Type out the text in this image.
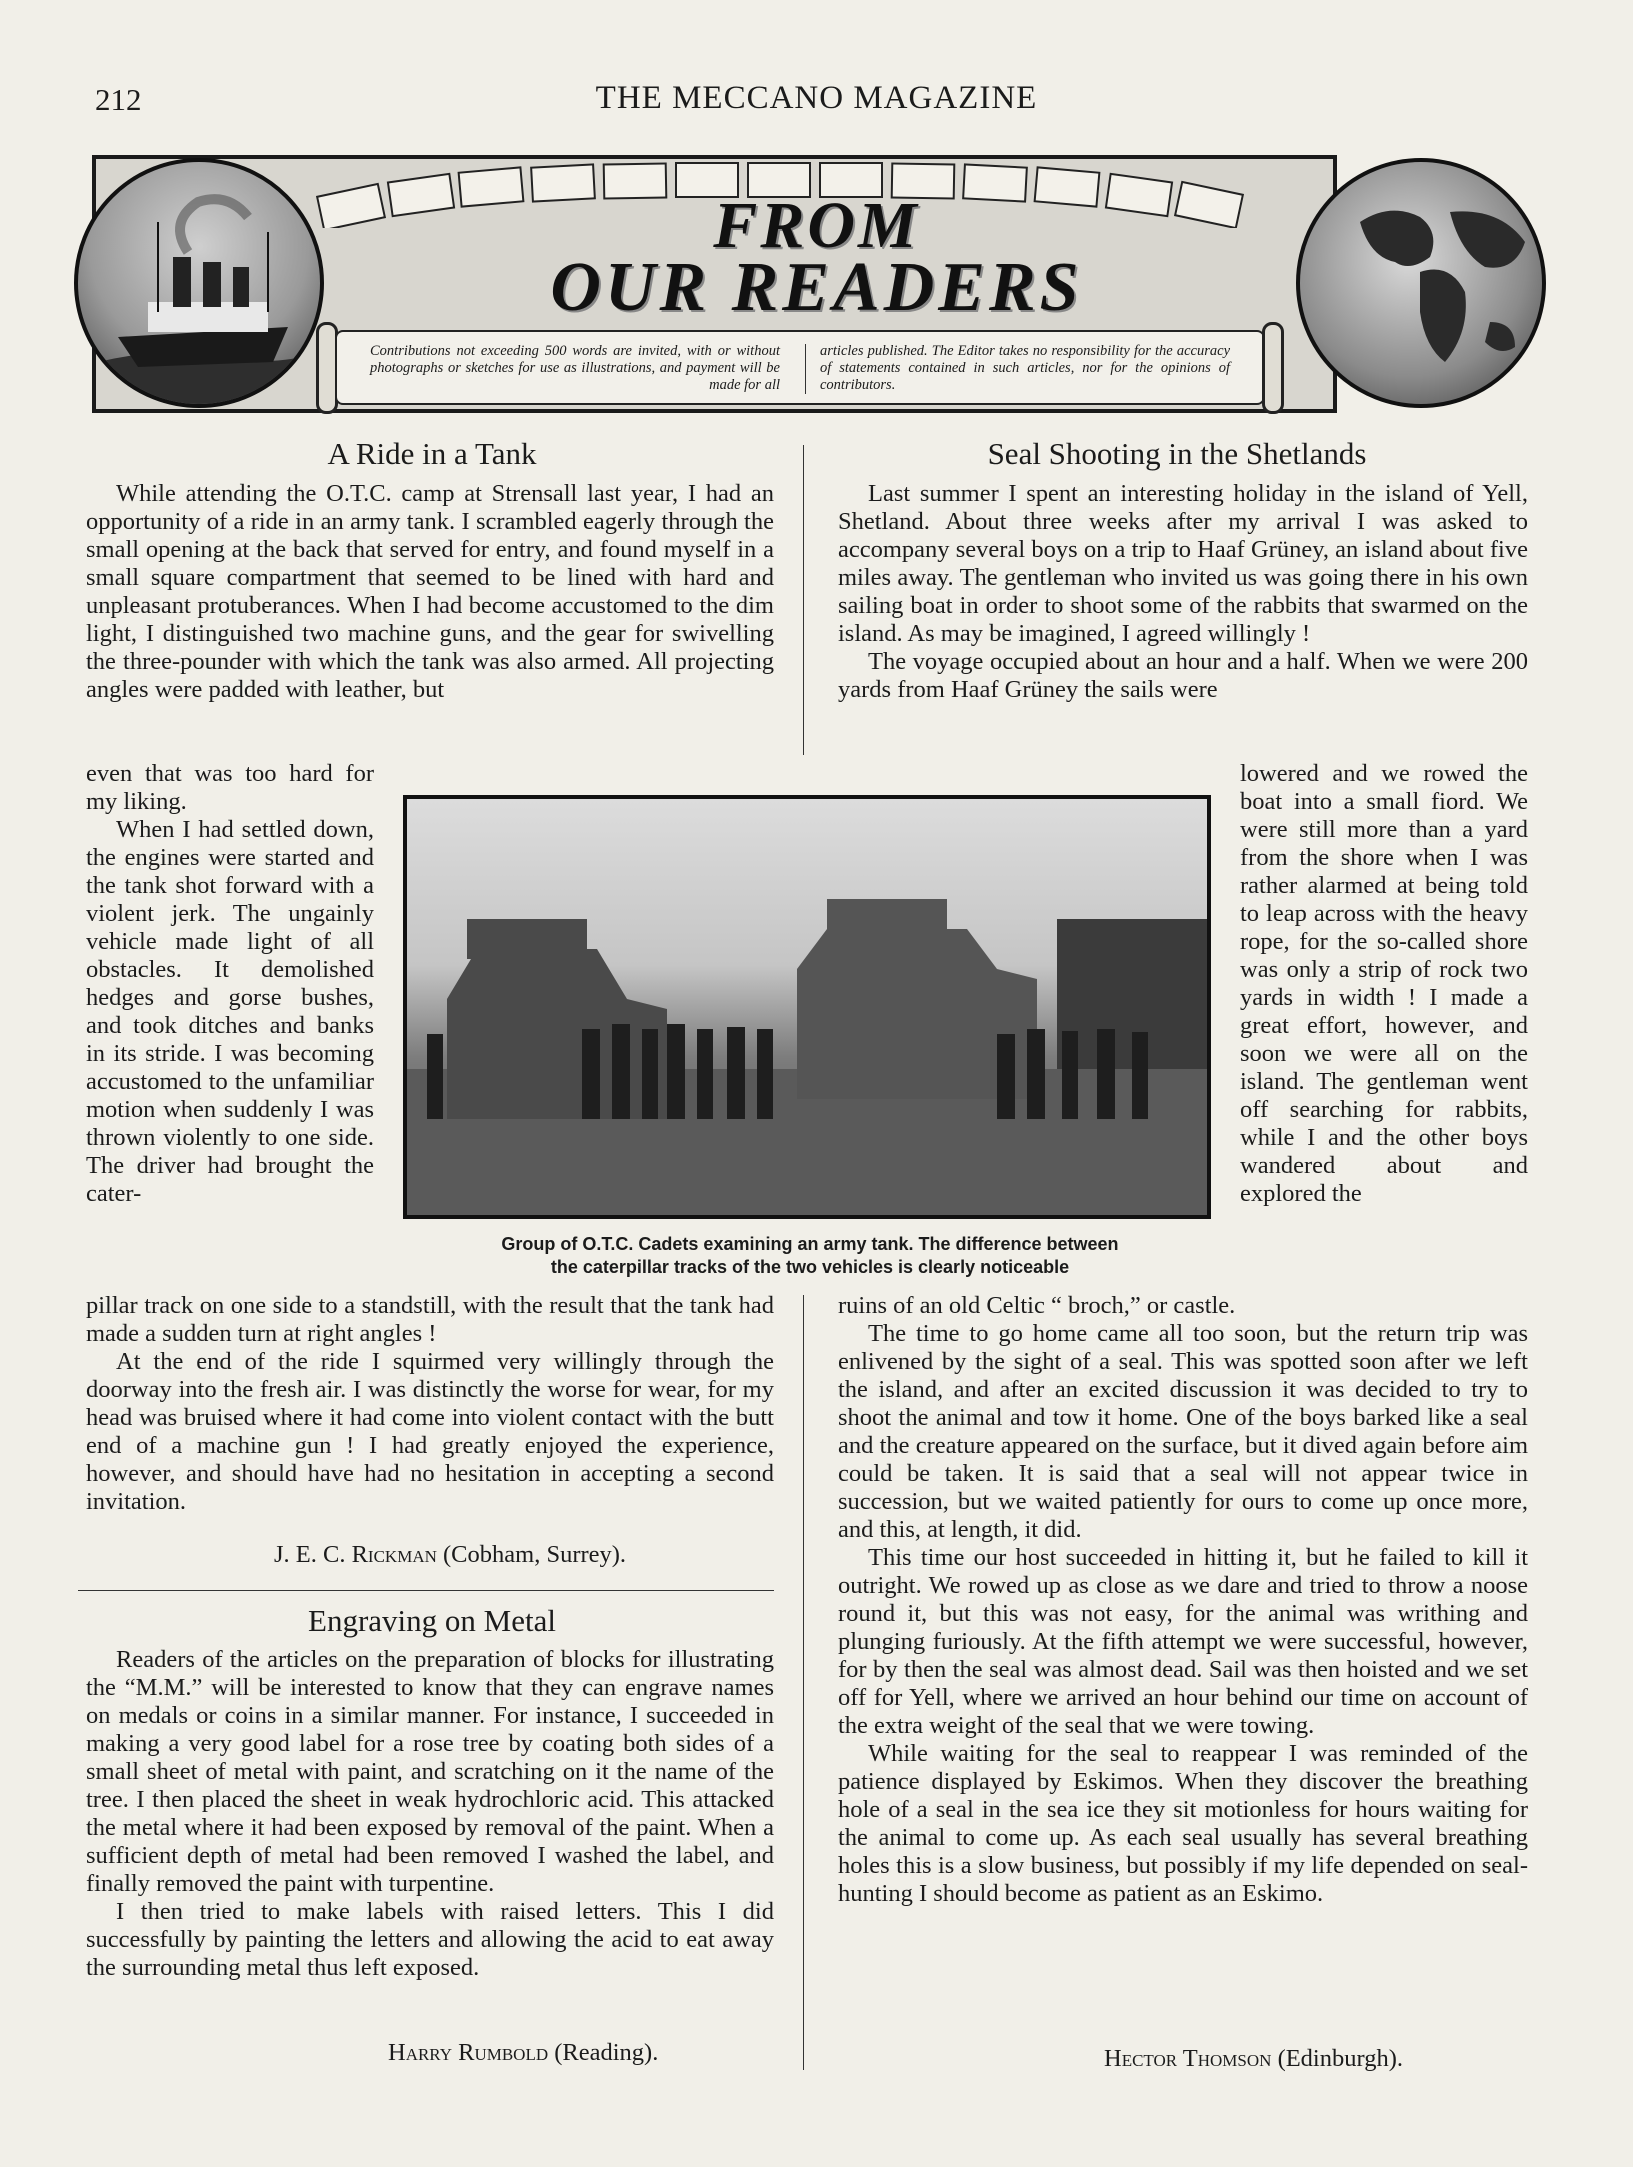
212	THE MECCANO MAGAZINE
FROM
OUR READERS
Contributions not exceeding 500 words are invited, with or without photographs or sketches for use as illustrations, and payment will be made for all
articles published. The Editor takes no responsibility for the accuracy of statements contained in such articles, nor for the opinions of contributors.
A Ride in a Tank

While attending the O.T.C. camp at Strensall last year, I had an opportunity of a ride in an army tank. I scrambled eagerly through the small opening at the back that served for entry, and found myself in a small square compartment that seemed to be lined with hard and unpleasant protuberances. When I had become accustomed to the dim light, I distinguished two machine guns, and the gear for swivelling the three-pounder with which the tank was also armed. All projecting angles were padded with leather, but

even that was too hard for my liking.

When I had settled down, the engines were started and the tank shot forward with a violent jerk. The ungainly vehicle made light of all obstacles. It demolished hedges and gorse bushes, and took ditches and banks in its stride. I was becoming accustomed to the unfamiliar motion when suddenly I was thrown violently to one side. The driver had brought the cater-

pillar track on one side to a standstill, with the result that the tank had made a sudden turn at right angles !

At the end of the ride I squirmed very willingly through the doorway into the fresh air. I was distinctly the worse for wear, for my head was bruised where it had come into violent contact with the butt end of a machine gun ! I had greatly enjoyed the experience, however, and should have had no hesitation in accepting a second invitation.

J. E. C. Rickman (Cobham, Surrey).
Engraving on Metal

Readers of the articles on the preparation of blocks for illustrating the “M.M.” will be interested to know that they can engrave names on medals or coins in a similar manner. For instance, I succeeded in making a very good label for a rose tree by coating both sides of a small sheet of metal with paint, and scratching on it the name of the tree. I then placed the sheet in weak hydrochloric acid. This attacked the metal where it had been exposed by removal of the paint. When a sufficient depth of metal had been removed I washed the label, and finally removed the paint with turpentine.

I then tried to make labels with raised letters. This I did successfully by painting the letters and allowing the acid to eat away the surrounding metal thus left exposed.

Harry Rumbold (Reading).
Seal Shooting in the Shetlands

Last summer I spent an interesting holiday in the island of Yell, Shetland. About three weeks after my arrival I was asked to accompany several boys on a trip to Haaf Grüney, an island about five miles away. The gentleman who invited us was going there in his own sailing boat in order to shoot some of the rabbits that swarmed on the island. As may be imagined, I agreed willingly !

The voyage occupied about an hour and a half. When we were 200 yards from Haaf Grüney the sails were

lowered and we rowed the boat into a small fiord. We were still more than a yard from the shore when I was rather alarmed at being told to leap across with the heavy rope, for the so-called shore was only a strip of rock two yards in width ! I made a great effort, however, and soon we were all on the island. The gentleman went off searching for rabbits, while I and the other boys wandered about and explored the

ruins of an old Celtic “ broch,” or castle.

The time to go home came all too soon, but the return trip was enlivened by the sight of a seal. This was spotted soon after we left the island, and after an excited discussion it was decided to try to shoot the animal and tow it home. One of the boys barked like a seal and the creature appeared on the surface, but it dived again before aim could be taken. It is said that a seal will not appear twice in succession, but we waited patiently for ours to come up once more, and this, at length, it did.

This time our host succeeded in hitting it, but he failed to kill it outright. We rowed up as close as we dare and tried to throw a noose round it, but this was not easy, for the animal was writhing and plunging furiously. At the fifth attempt we were successful, however, for by then the seal was almost dead. Sail was then hoisted and we set off for Yell, where we arrived an hour behind our time on account of the extra weight of the seal that we were towing.

While waiting for the seal to reappear I was reminded of the patience displayed by Eskimos. When they discover the breathing hole of a seal in the sea ice they sit motionless for hours waiting for the animal to come up. As each seal usually has several breathing holes this is a slow business, but possibly if my life depended on seal-hunting I should become as patient as an Eskimo.

Hector Thomson (Edinburgh).
Group of O.T.C. Cadets examining an army tank. The difference between
the caterpillar tracks of the two vehicles is clearly noticeable
